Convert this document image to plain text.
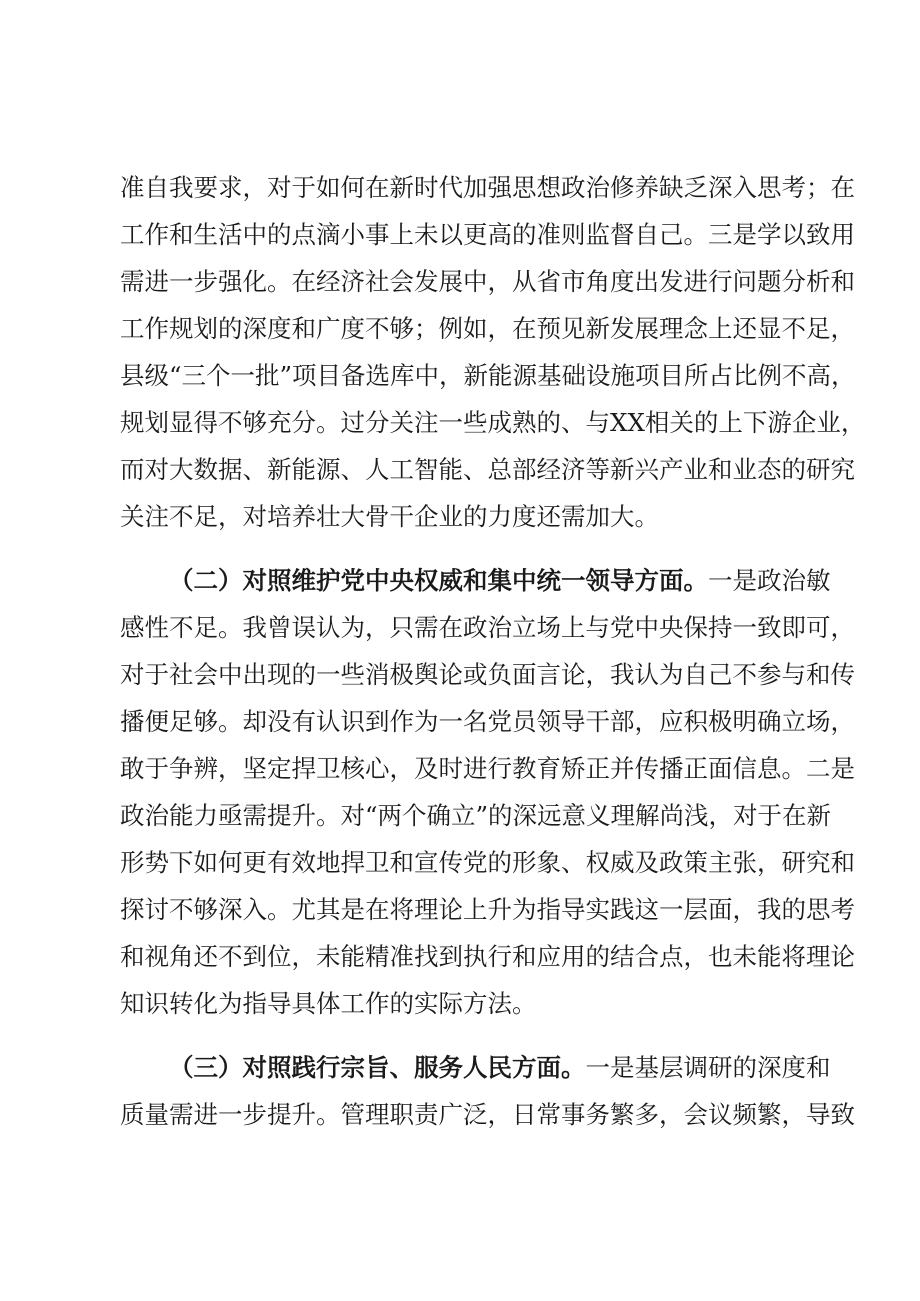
准自我要求，对于如何在新时代加强思想政治修养缺乏深入思考；在
工作和生活中的点滴小事上未以更高的准则监督自己。三是学以致用
需进一步强化。在经济社会发展中，从省市角度出发进行问题分析和
工作规划的深度和广度不够；例如，在预见新发展理念上还显不足，
县级“三个一批”项目备选库中，新能源基础设施项目所占比例不高，
规划显得不够充分。过分关注一些成熟的、与XX相关的上下游企业，
而对大数据、新能源、人工智能、总部经济等新兴产业和业态的研究
关注不足，对培养壮大骨干企业的力度还需加大。
（二）对照维护党中央权威和集中统一领导方面。一是政治敏
感性不足。我曾误认为，只需在政治立场上与党中央保持一致即可，
对于社会中出现的一些消极舆论或负面言论，我认为自己不参与和传
播便足够。却没有认识到作为一名党员领导干部，应积极明确立场，
敢于争辨，坚定捍卫核心，及时进行教育矫正并传播正面信息。二是
政治能力亟需提升。对“两个确立”的深远意义理解尚浅，对于在新
形势下如何更有效地捍卫和宣传党的形象、权威及政策主张，研究和
探讨不够深入。尤其是在将理论上升为指导实践这一层面，我的思考
和视角还不到位，未能精准找到执行和应用的结合点，也未能将理论
知识转化为指导具体工作的实际方法。
（三）对照践行宗旨、服务人民方面。一是基层调研的深度和
质量需进一步提升。管理职责广泛，日常事务繁多，会议频繁，导致
